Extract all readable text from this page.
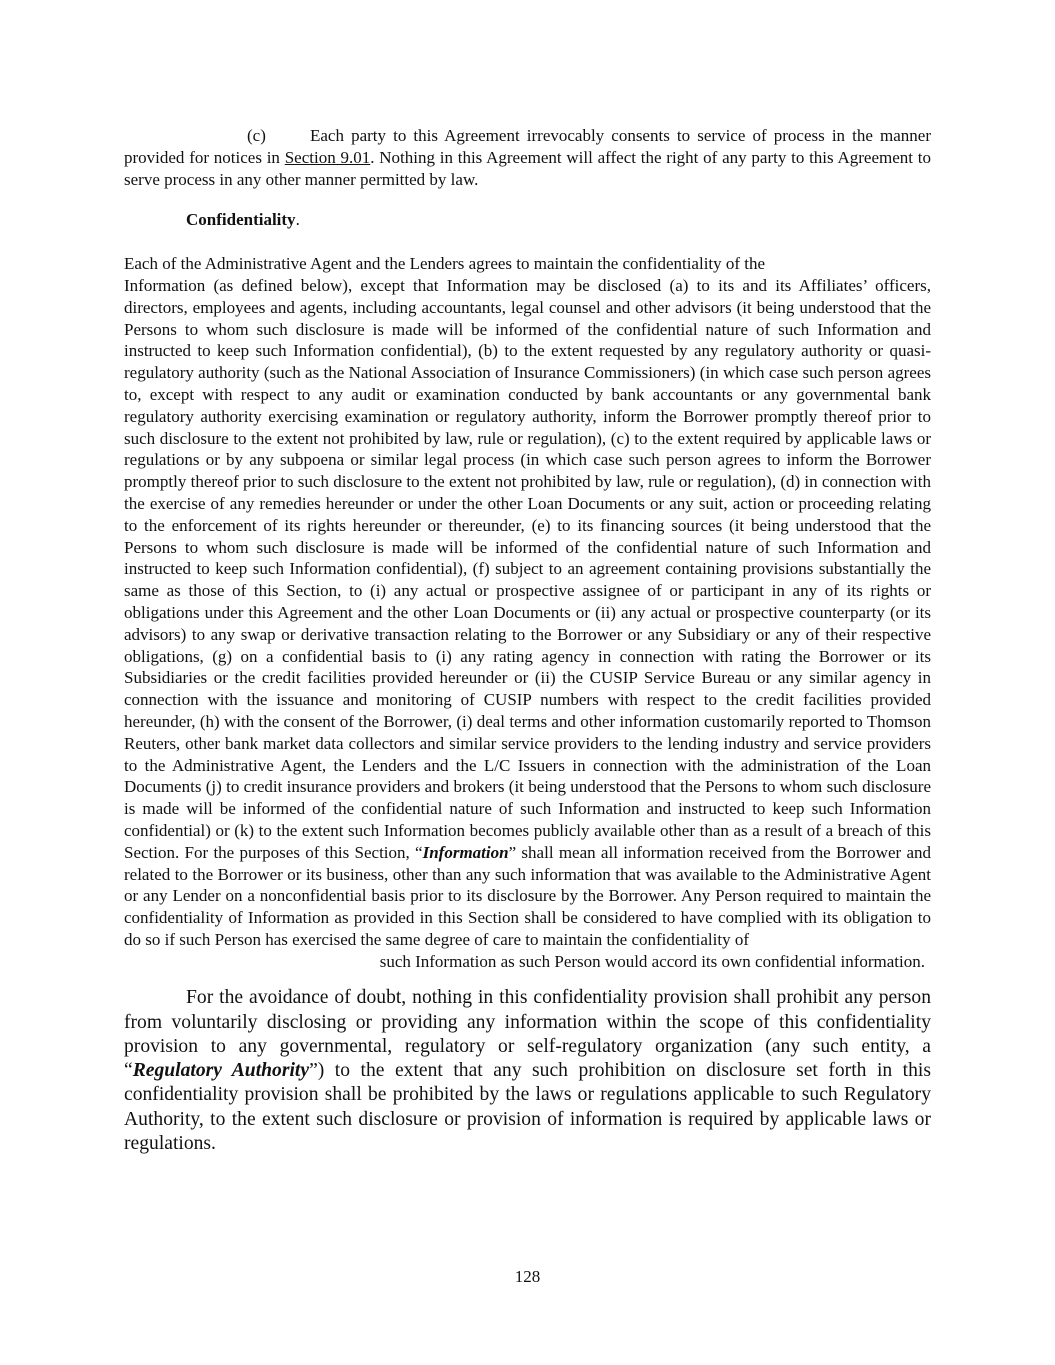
(c)	Each party to this Agreement irrevocably consents to service of process in the manner provided for notices in Section 9.01. Nothing in this Agreement will affect the right of any party to this Agreement to serve process in any other manner permitted by law.

Confidentiality.
Each of the Administrative Agent and the Lenders agrees to maintain the confidentiality of the
Information (as defined below), except that Information may be disclosed (a) to its and its Affiliates’ officers, directors, employees and agents, including accountants, legal counsel and other advisors (it being understood that the Persons to whom such disclosure is made will be informed of the confidential nature of such Information and instructed to keep such Information confidential), (b) to the extent requested by any regulatory authority or quasi-regulatory authority (such as the National Association of Insurance Commissioners) (in which case such person agrees to, except with respect to any audit or examination conducted by bank accountants or any governmental bank regulatory authority exercising examination or regulatory authority, inform the Borrower promptly thereof prior to such disclosure to the extent not prohibited by law, rule or regulation), (c) to the extent required by applicable laws or regulations or by any subpoena or similar legal process (in which case such person agrees to inform the Borrower promptly thereof prior to such disclosure to the extent not prohibited by law, rule or regulation), (d) in connection with the exercise of any remedies hereunder or under the other Loan Documents or any suit, action or proceeding relating to the enforcement of its rights hereunder or thereunder, (e) to its financing sources (it being understood that the Persons to whom such disclosure is made will be informed of the confidential nature of such Information and instructed to keep such Information confidential), (f) subject to an agreement containing provisions substantially the same as those of this Section, to (i) any actual or prospective assignee of or participant in any of its rights or obligations under this Agreement and the other Loan Documents or (ii) any actual or prospective counterparty (or its advisors) to any swap or derivative transaction relating to the Borrower or any Subsidiary or any of their respective obligations, (g) on a confidential basis to (i) any rating agency in connection with rating the Borrower or its Subsidiaries or the credit facilities provided hereunder or (ii) the CUSIP Service Bureau or any similar agency in connection with the issuance and monitoring of CUSIP numbers with respect to the credit facilities provided hereunder, (h) with the consent of the Borrower, (i) deal terms and other information customarily reported to Thomson Reuters, other bank market data collectors and similar service providers to the lending industry and service providers to the Administrative Agent, the Lenders and the L/C Issuers in connection with the administration of the Loan Documents (j) to credit insurance providers and brokers (it being understood that the Persons to whom such disclosure is made will be informed of the confidential nature of such Information and instructed to keep such Information confidential) or (k) to the extent such Information becomes publicly available other than as a result of a breach of this Section. For the purposes of this Section, “Information” shall mean all information received from the Borrower and related to the Borrower or its business, other than any such information that was available to the Administrative Agent or any Lender on a nonconfidential basis prior to its disclosure by the Borrower. Any Person required to maintain the confidentiality of Information as provided in this Section shall be considered to have complied with its obligation to do so if such Person has exercised the same degree of care to maintain the confidentiality of
such Information as such Person would accord its own confidential information.

For the avoidance of doubt, nothing in this confidentiality provision shall prohibit any person from voluntarily disclosing or providing any information within the scope of this confidentiality provision to any governmental, regulatory or self-regulatory organization (any such entity, a “Regulatory Authority”) to the extent that any such prohibition on disclosure set forth in this confidentiality provision shall be prohibited by the laws or regulations applicable to such Regulatory Authority, to the extent such disclosure or provision of information is required by applicable laws or regulations.

128
